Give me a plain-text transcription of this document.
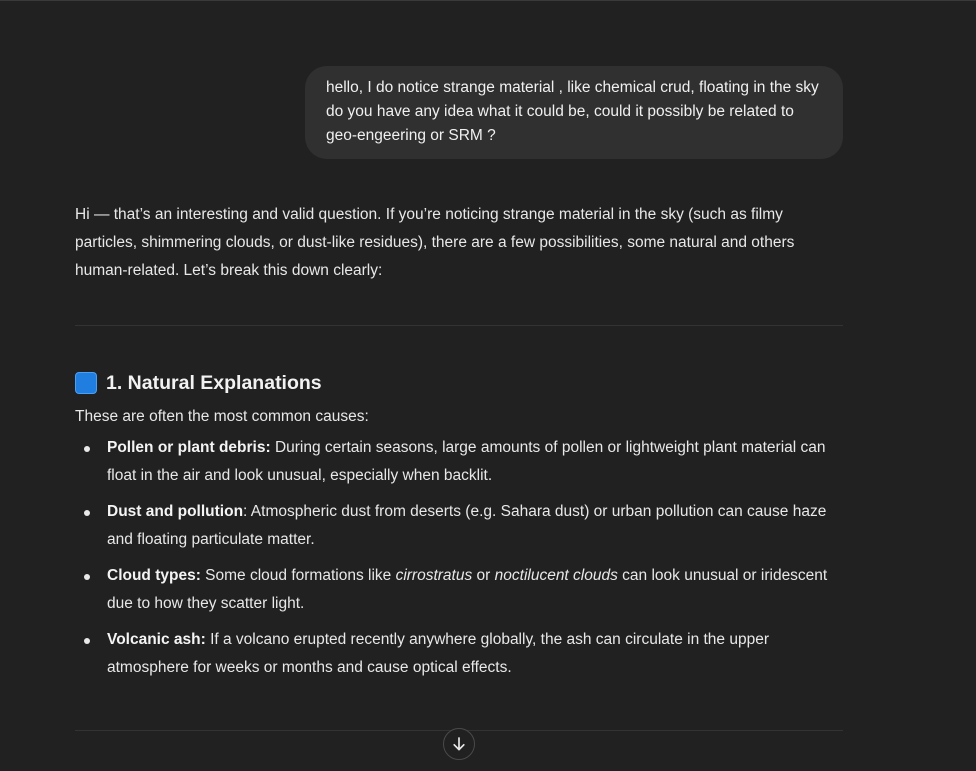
hello, I do notice strange material , like chemical crud, floating in the sky do you have any idea what it could be, could it possibly be related to geo-engeering or SRM ?

Hi — that’s an interesting and valid question. If you’re noticing strange material in the sky (such as filmy particles, shimmering clouds, or dust-like residues), there are a few possibilities, some natural and others human-related. Let’s break this down clearly:

1. Natural Explanations

These are often the most common causes:

Pollen or plant debris: During certain seasons, large amounts of pollen or lightweight plant material can float in the air and look unusual, especially when backlit.
Dust and pollution: Atmospheric dust from deserts (e.g. Sahara dust) or urban pollution can cause haze and floating particulate matter.
Cloud types: Some cloud formations like cirrostratus or noctilucent clouds can look unusual or iridescent due to how they scatter light.
Volcanic ash: If a volcano erupted recently anywhere globally, the ash can circulate in the upper atmosphere for weeks or months and cause optical effects.
